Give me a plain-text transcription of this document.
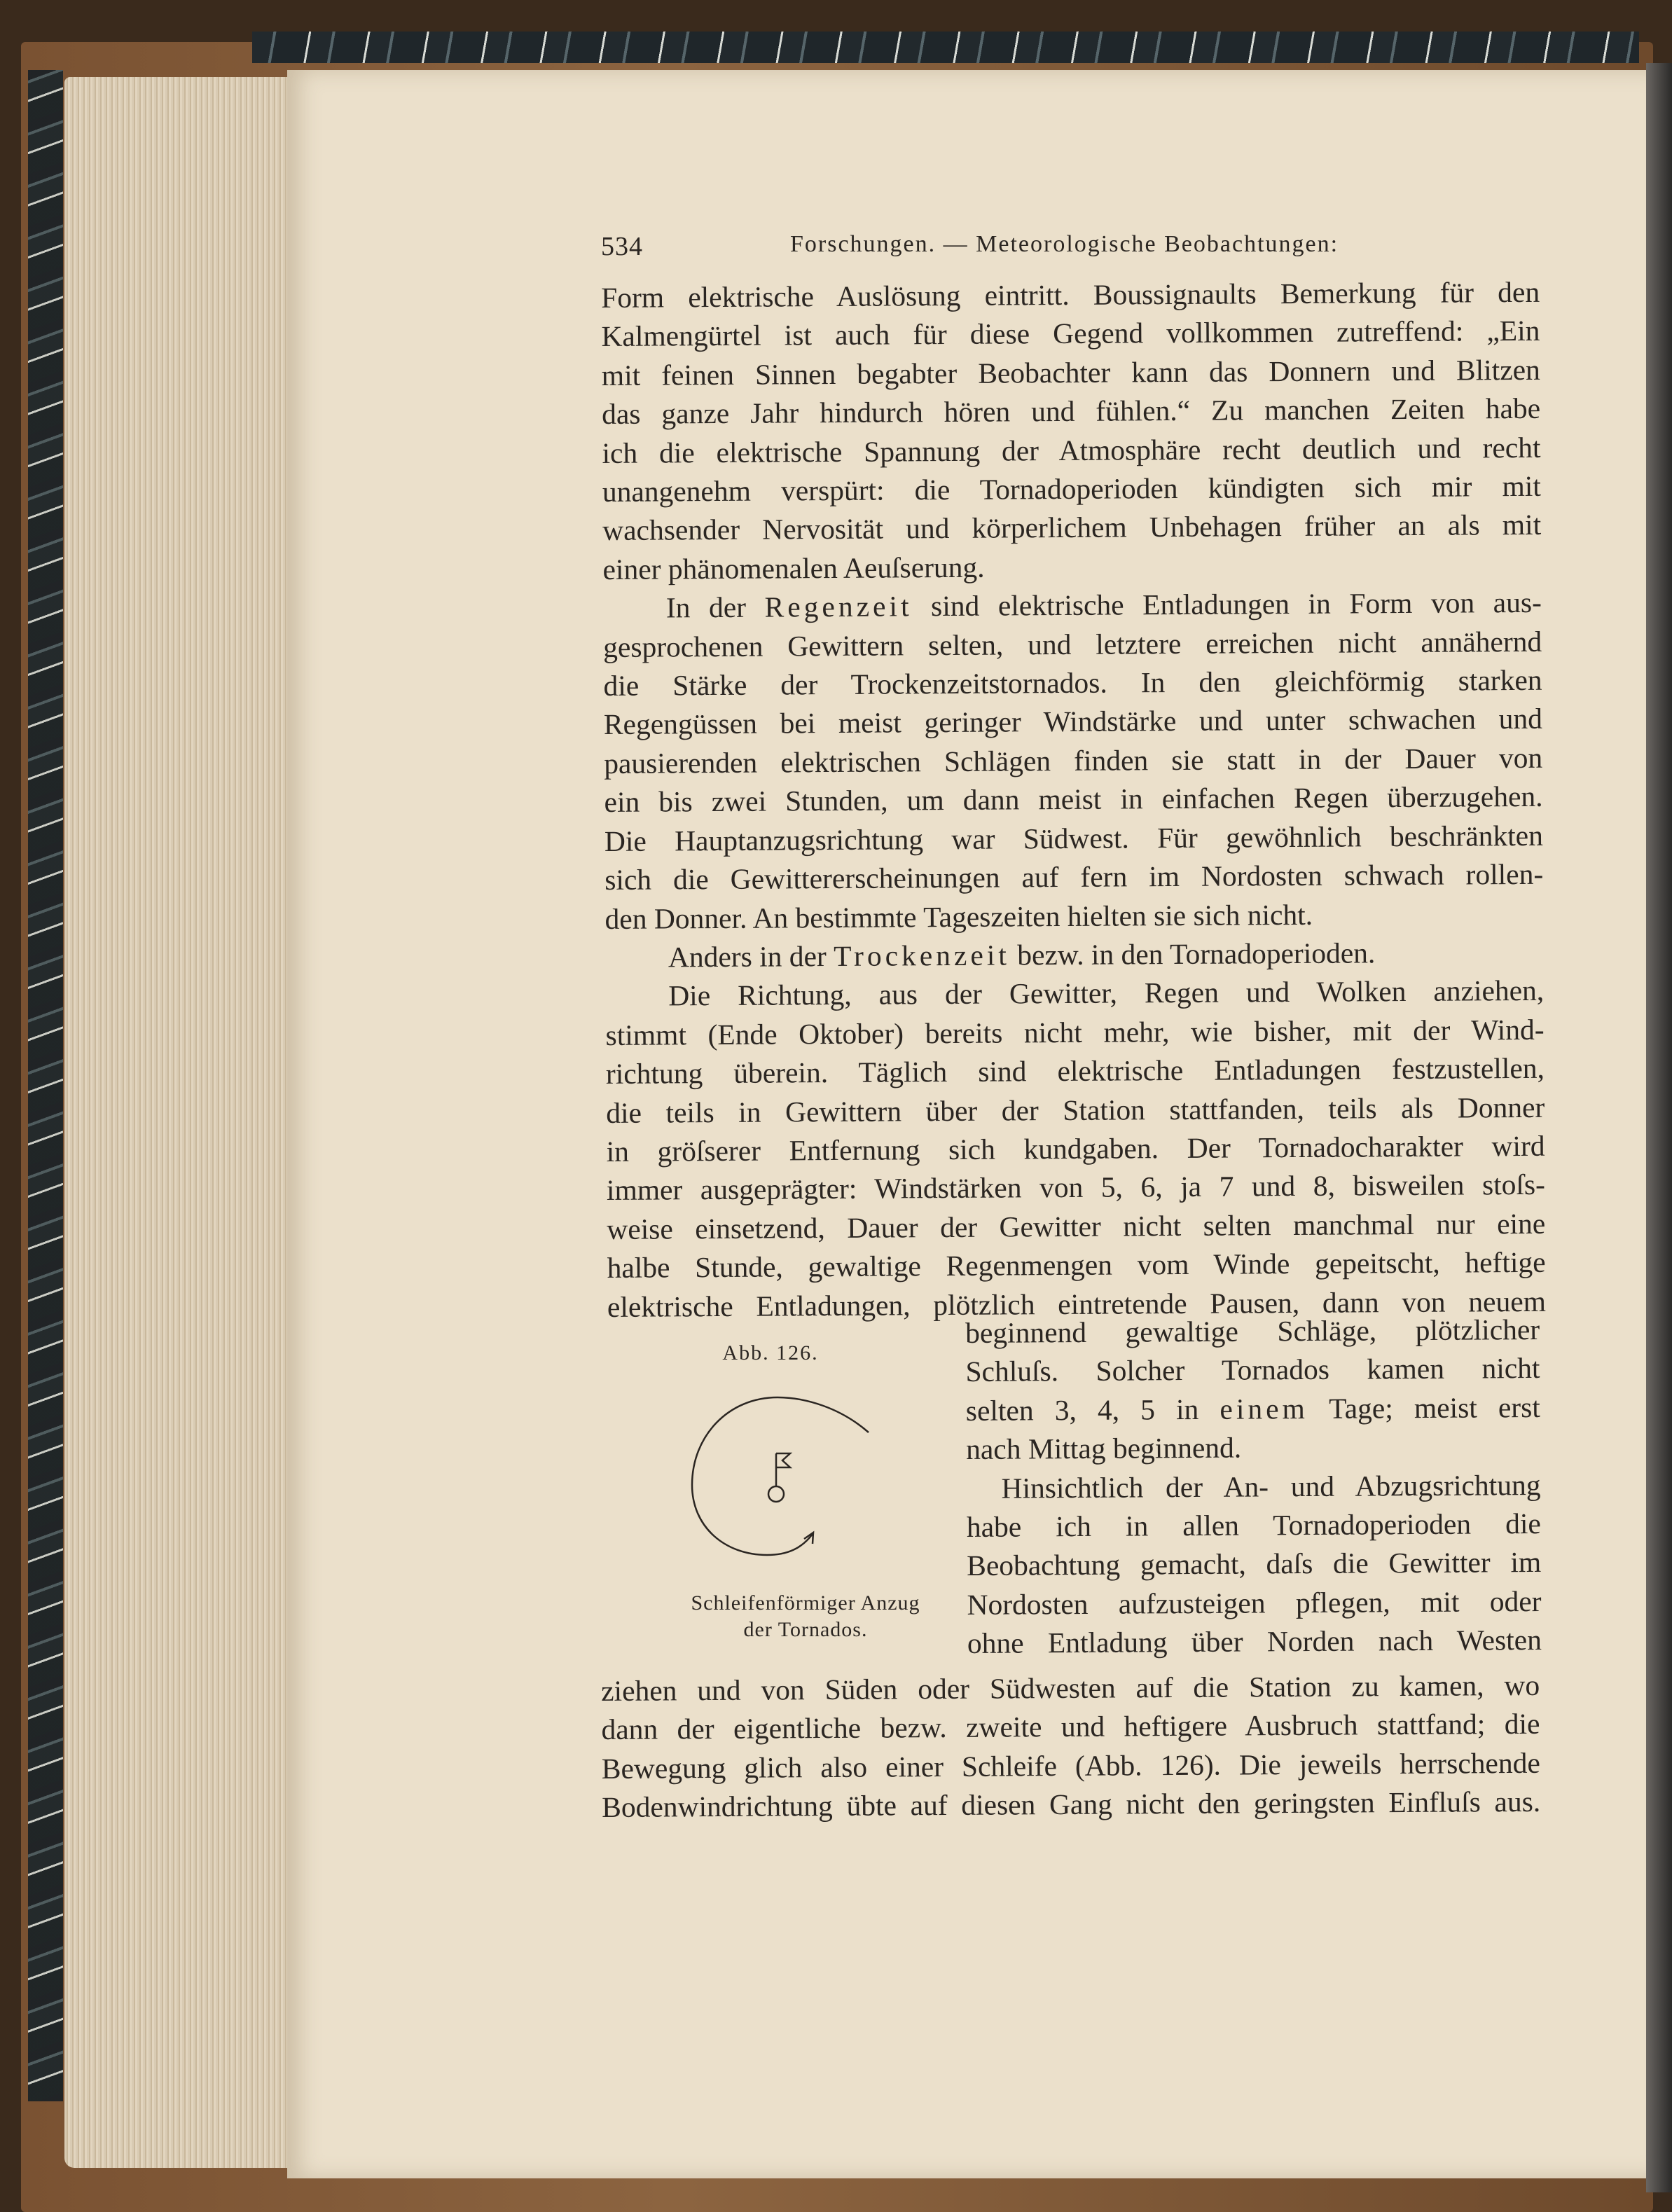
534	Forschungen. — Meteorologische Beobachtungen:

Form elektrische Auslösung eintritt. Boussignaults Bemerkung für den

Kalmengürtel ist auch für diese Gegend vollkommen zutreffend: „Ein

mit feinen Sinnen begabter Beobachter kann das Donnern und Blitzen

das ganze Jahr hindurch hören und fühlen.“ Zu manchen Zeiten habe

ich die elektrische Spannung der Atmosphäre recht deutlich und recht

unangenehm verspürt: die Tornadoperioden kündigten sich mir mit

wachsender Nervosität und körperlichem Unbehagen früher an als mit

einer phänomenalen Aeuſserung.

In der Regenzeit sind elektrische Entladungen in Form von aus-

gesprochenen Gewittern selten, und letztere erreichen nicht annähernd

die Stärke der Trockenzeitstornados. In den gleichförmig starken

Regengüssen bei meist geringer Windstärke und unter schwachen und

pausierenden elektrischen Schlägen finden sie statt in der Dauer von

ein bis zwei Stunden, um dann meist in einfachen Regen überzugehen.

Die Hauptanzugsrichtung war Südwest. Für gewöhnlich beschränkten

sich die Gewittererscheinungen auf fern im Nordosten schwach rollen-

den Donner. An bestimmte Tageszeiten hielten sie sich nicht.

Anders in der Trockenzeit bezw. in den Tornadoperioden.

Die Richtung, aus der Gewitter, Regen und Wolken anziehen,

stimmt (Ende Oktober) bereits nicht mehr, wie bisher, mit der Wind-

richtung überein. Täglich sind elektrische Entladungen festzustellen,

die teils in Gewittern über der Station stattfanden, teils als Donner

in gröſserer Entfernung sich kundgaben. Der Tornadocharakter wird

immer ausgeprägter: Windstärken von 5, 6, ja 7 und 8, bisweilen stoſs-

weise einsetzend, Dauer der Gewitter nicht selten manchmal nur eine

halbe Stunde, gewaltige Regenmengen vom Winde gepeitscht, heftige

elektrische Entladungen, plötzlich eintretende Pausen, dann von neuem

Abb. 126.
Schleifenförmiger Anzug
der Tornados.

beginnend gewaltige Schläge, plötzlicher

Schluſs. Solcher Tornados kamen nicht

selten 3, 4, 5 in einem Tage; meist erst

nach Mittag beginnend.

Hinsichtlich der An- und Abzugsrichtung

habe ich in allen Tornadoperioden die

Beobachtung gemacht, daſs die Gewitter im

Nordosten aufzusteigen pflegen, mit oder

ohne Entladung über Norden nach Westen

ziehen und von Süden oder Südwesten auf die Station zu kamen, wo

dann der eigentliche bezw. zweite und heftigere Ausbruch stattfand; die

Bewegung glich also einer Schleife (Abb. 126). Die jeweils herrschende

Bodenwindrichtung übte auf diesen Gang nicht den geringsten Einfluſs aus.
